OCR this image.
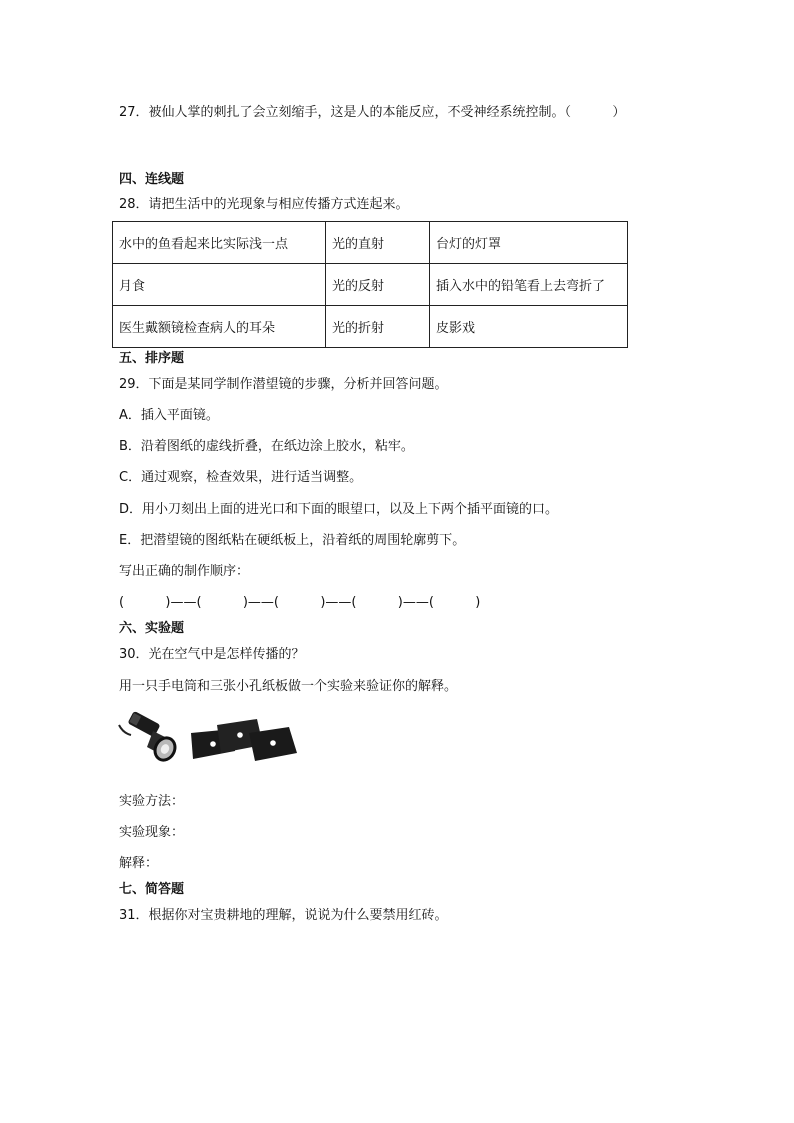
27．被仙人掌的刺扎了会立刻缩手，这是人的本能反应，不受神经系统控制。（          ）
四、连线题
28．请把生活中的光现象与相应传播方式连起来。
水中的鱼看起来比实际浅一点	光的直射	台灯的灯罩
月食	光的反射	插入水中的铅笔看上去弯折了
医生戴额镜检查病人的耳朵	光的折射	皮影戏
五、排序题
29．下面是某同学制作潜望镜的步骤，分析并回答问题。
A．插入平面镜。
B．沿着图纸的虚线折叠，在纸边涂上胶水，粘牢。
C．通过观察，检查效果，进行适当调整。
D．用小刀刻出上面的进光口和下面的眼望口，以及上下两个插平面镜的口。
E．把潜望镜的图纸粘在硬纸板上，沿着纸的周围轮廓剪下。
写出正确的制作顺序：
(          )——(          )——(          )——(          )——(          )
六、实验题
30．光在空气中是怎样传播的？
用一只手电筒和三张小孔纸板做一个实验来验证你的解释。
实验方法：
实验现象：
解释：
七、简答题
31．根据你对宝贵耕地的理解，说说为什么要禁用红砖。
